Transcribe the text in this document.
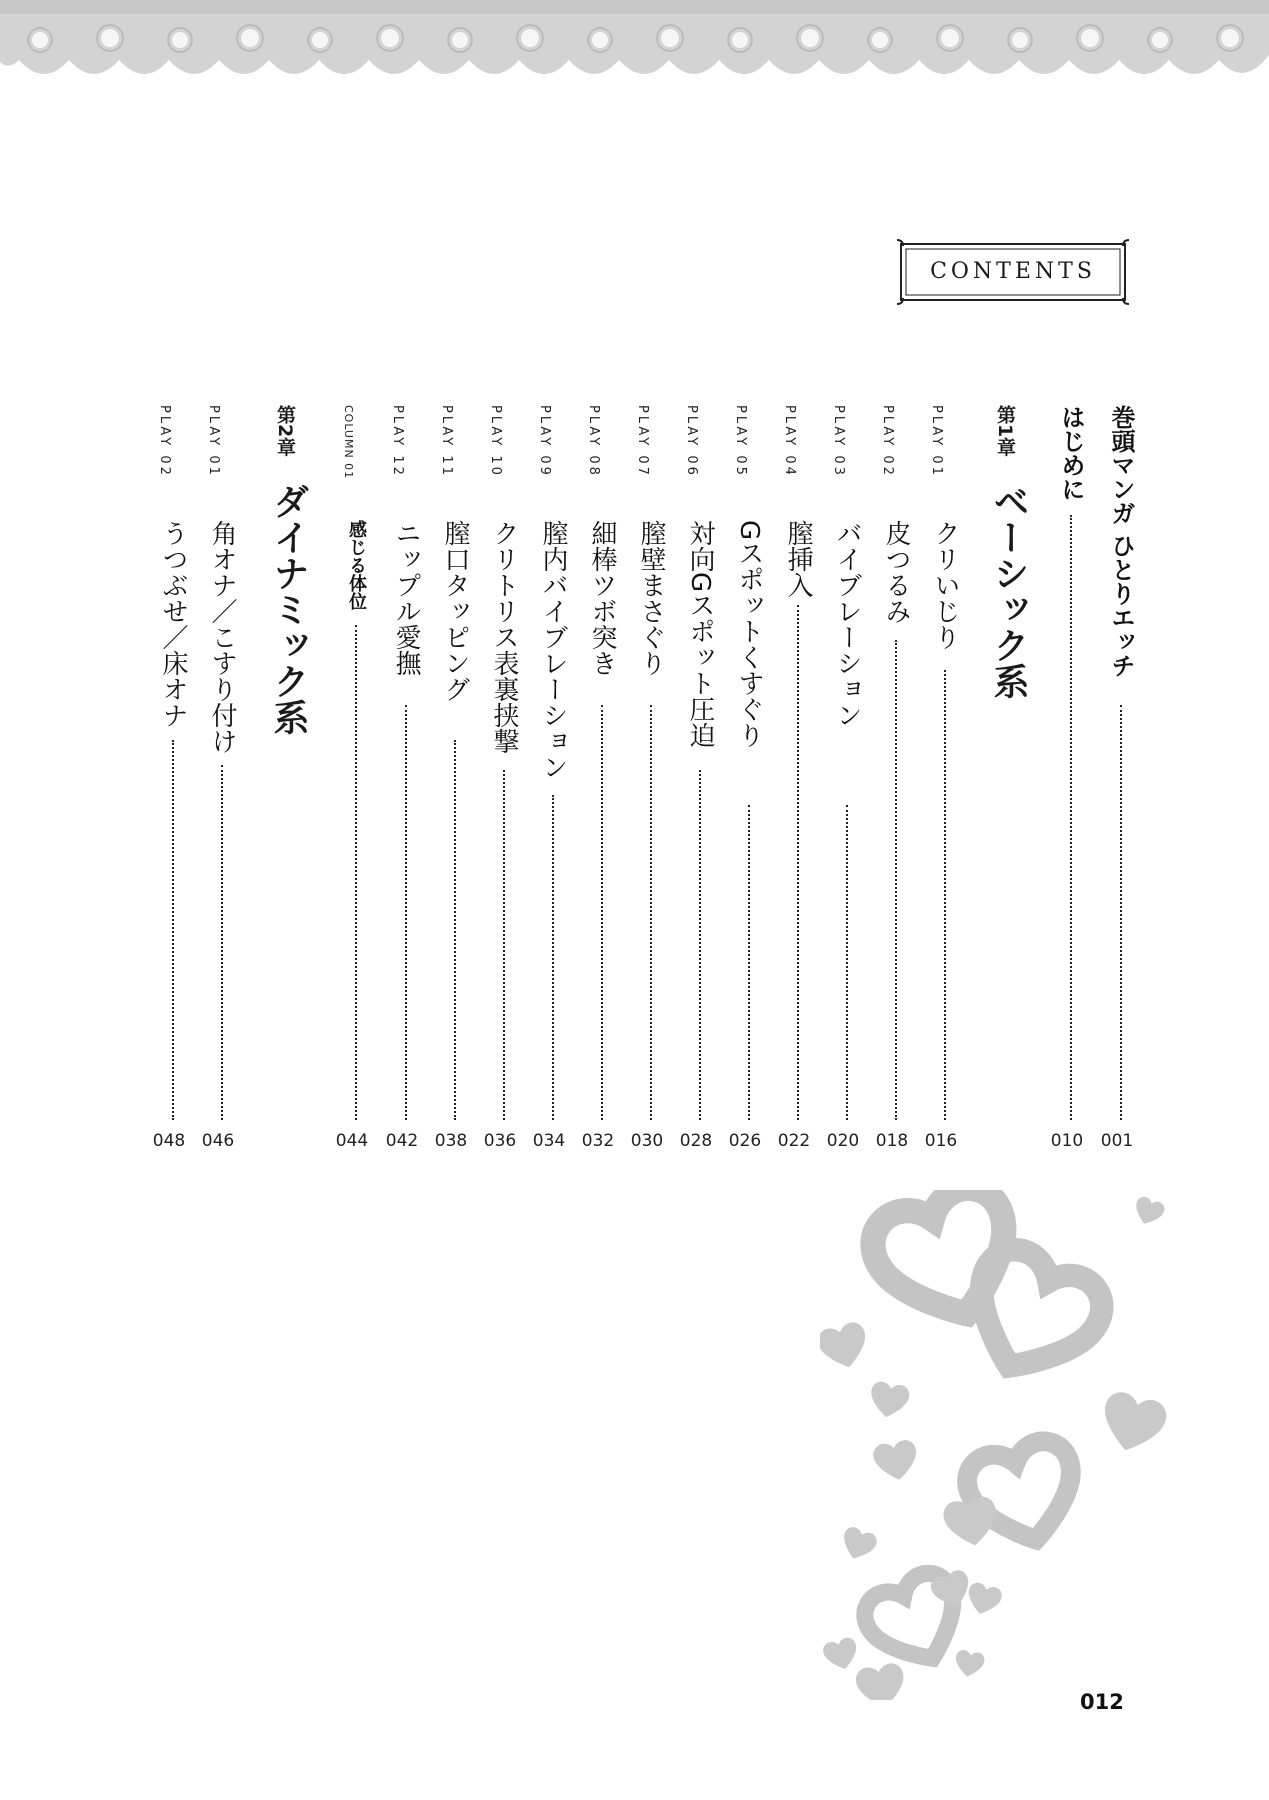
CONTENTS
巻頭マンガ ひとりエッチ
001
はじめに
010
第1章
ベーシック系
PLAY 01
クリいじり
016
PLAY 02
皮つるみ
018
PLAY 03
バイブレーション
020
PLAY 04
膣挿入
022
PLAY 05
Gスポットくすぐり
026
PLAY 06
対向Gスポット圧迫
028
PLAY 07
膣壁まさぐり
030
PLAY 08
細棒ツボ突き
032
PLAY 09
膣内バイブレーション
034
PLAY 10
クリトリス表裏挟撃
036
PLAY 11
膣口タッピング
038
PLAY 12
ニップル愛撫
042
COLUMN 01
感じる体位
044
第2章
ダイナミック系
PLAY 01
角オナ／こすり付け
046
PLAY 02
うつぶせ／床オナ
048
012
